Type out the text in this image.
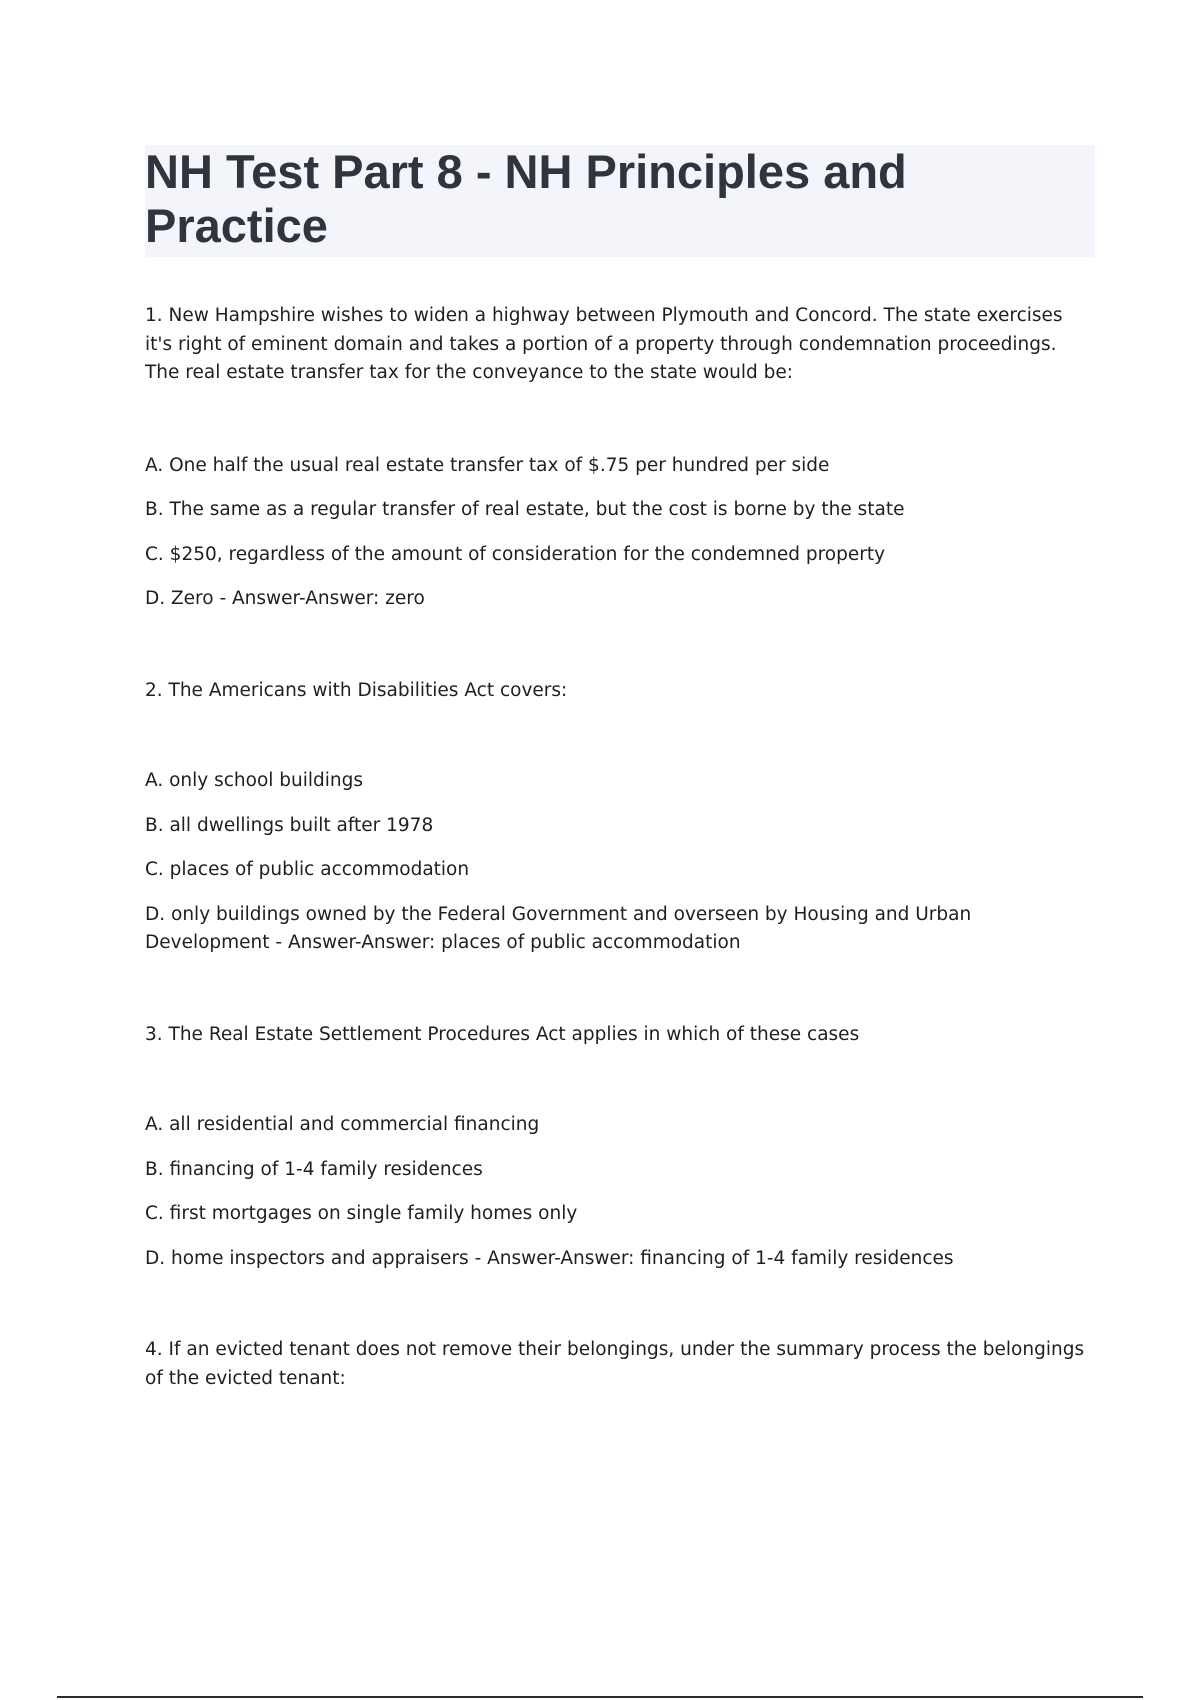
NH Test Part 8 - NH Principles and
Practice

1. New Hampshire wishes to widen a highway between Plymouth and Concord. The state exercises it's right of eminent domain and takes a portion of a property through condemnation proceedings. The real estate transfer tax for the conveyance to the state would be:

A. One half the usual real estate transfer tax of $.75 per hundred per side
B. The same as a regular transfer of real estate, but the cost is borne by the state
C. $250, regardless of the amount of consideration for the condemned property
D. Zero - Answer-Answer: zero

2. The Americans with Disabilities Act covers:

A. only school buildings
B. all dwellings built after 1978
C. places of public accommodation
D. only buildings owned by the Federal Government and overseen by Housing and Urban Development - Answer-Answer: places of public accommodation

3. The Real Estate Settlement Procedures Act applies in which of these cases

A. all residential and commercial financing
B. financing of 1-4 family residences
C. first mortgages on single family homes only
D. home inspectors and appraisers - Answer-Answer: financing of 1-4 family residences

4. If an evicted tenant does not remove their belongings, under the summary process the belongings of the evicted tenant:
